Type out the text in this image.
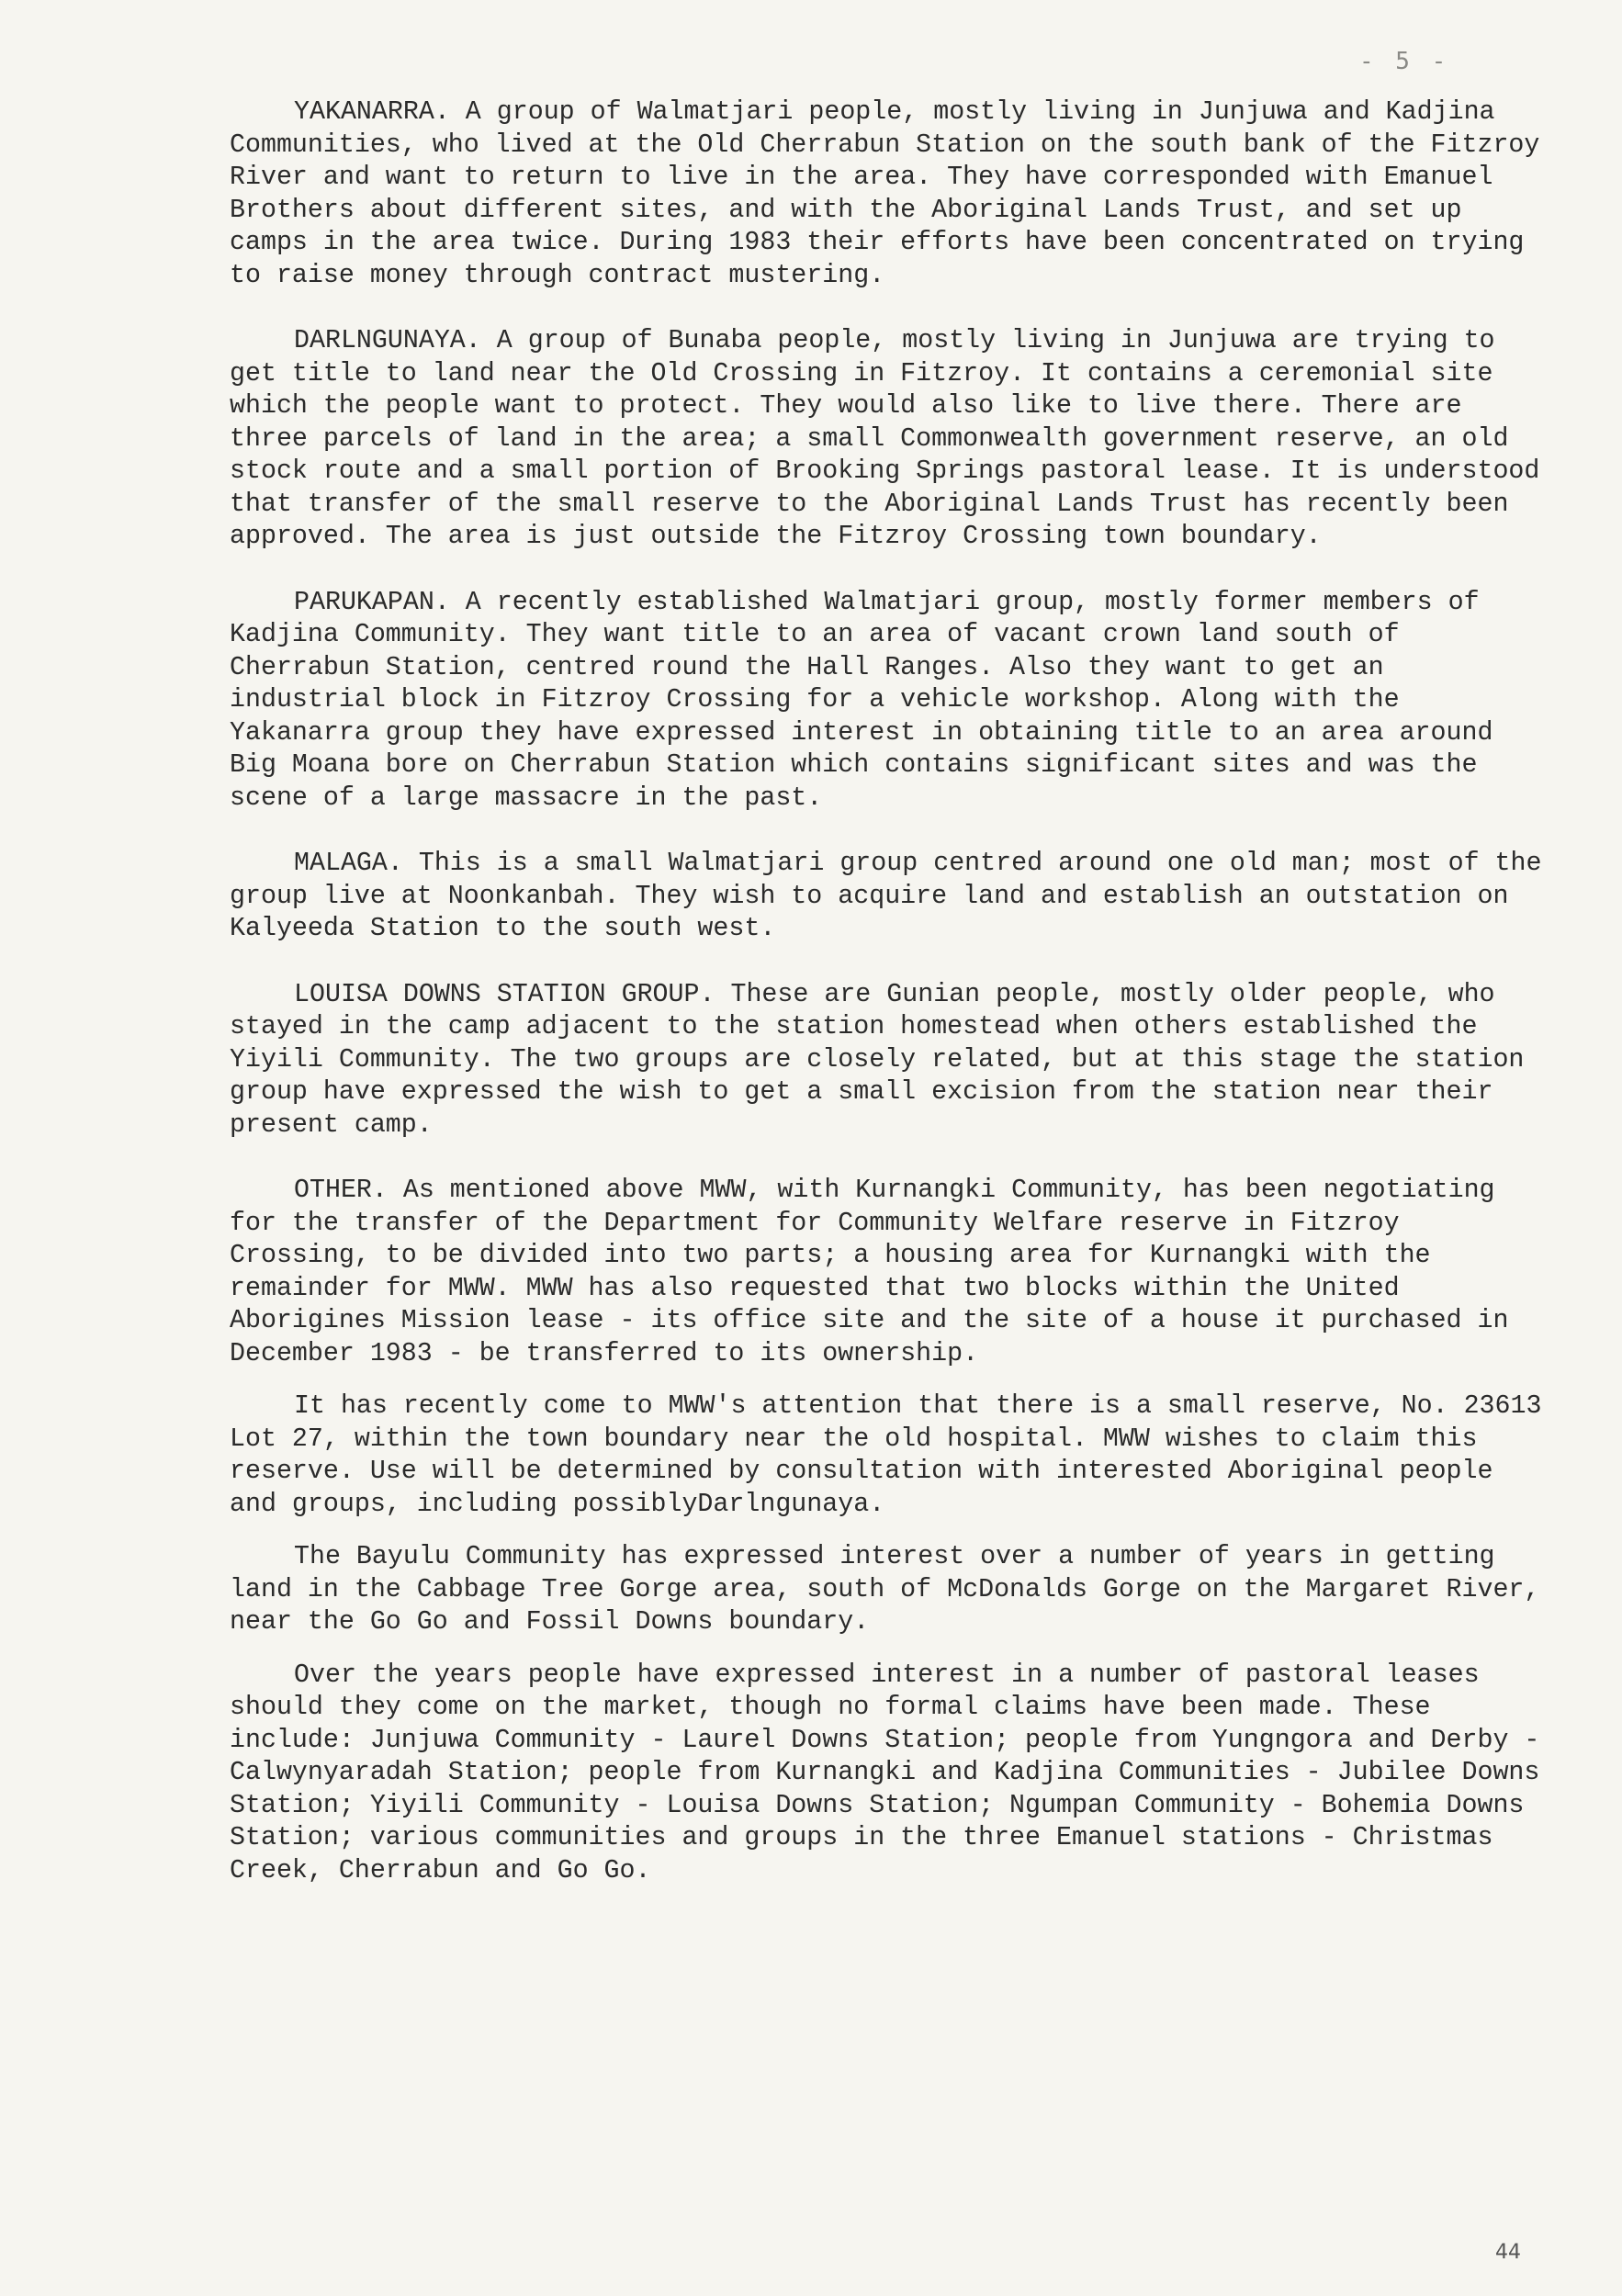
- 5 -

YAKANARRA. A group of Walmatjari people, mostly living in Junjuwa and Kadjina Communities, who lived at the Old Cherrabun Station on the south bank of the Fitzroy River and want to return to live in the area. They have corresponded with Emanuel Brothers about different sites, and with the Aboriginal Lands Trust, and set up camps in the area twice. During 1983 their efforts have been concentrated on trying to raise money through contract mustering.

DARLNGUNAYA. A group of Bunaba people, mostly living in Junjuwa are trying to get title to land near the Old Crossing in Fitzroy. It contains a ceremonial site which the people want to protect. They would also like to live there. There are three parcels of land in the area; a small Commonwealth government reserve, an old stock route and a small portion of Brooking Springs pastoral lease. It is understood that transfer of the small reserve to the Aboriginal Lands Trust has recently been approved. The area is just outside the Fitzroy Crossing town boundary.

PARUKAPAN. A recently established Walmatjari group, mostly former members of Kadjina Community. They want title to an area of vacant crown land south of Cherrabun Station, centred round the Hall Ranges. Also they want to get an industrial block in Fitzroy Crossing for a vehicle workshop. Along with the Yakanarra group they have expressed interest in obtaining title to an area around Big Moana bore on Cherrabun Station which contains significant sites and was the scene of a large massacre in the past.

MALAGA. This is a small Walmatjari group centred around one old man; most of the group live at Noonkanbah. They wish to acquire land and establish an outstation on Kalyeeda Station to the south west.

LOUISA DOWNS STATION GROUP. These are Gunian people, mostly older people, who stayed in the camp adjacent to the station homestead when others established the Yiyili Community. The two groups are closely related, but at this stage the station group have expressed the wish to get a small excision from the station near their present camp.

OTHER. As mentioned above MWW, with Kurnangki Community, has been negotiating for the transfer of the Department for Community Welfare reserve in Fitzroy Crossing, to be divided into two parts; a housing area for Kurnangki with the remainder for MWW. MWW has also requested that two blocks within the United Aborigines Mission lease - its office site and the site of a house it purchased in December 1983 - be transferred to its ownership.

It has recently come to MWW's attention that there is a small reserve, No. 23613 Lot 27, within the town boundary near the old hospital. MWW wishes to claim this reserve. Use will be determined by consultation with interested Aboriginal people and groups, including possiblyDarlngunaya.

The Bayulu Community has expressed interest over a number of years in getting land in the Cabbage Tree Gorge area, south of McDonalds Gorge on the Margaret River, near the Go Go and Fossil Downs boundary.

Over the years people have expressed interest in a number of pastoral leases should they come on the market, though no formal claims have been made. These include: Junjuwa Community - Laurel Downs Station; people from Yungngora and Derby - Calwynyaradah Station; people from Kurnangki and Kadjina Communities - Jubilee Downs Station; Yiyili Community - Louisa Downs Station; Ngumpan Community - Bohemia Downs Station; various communities and groups in the three Emanuel stations - Christmas Creek, Cherrabun and Go Go.

44
